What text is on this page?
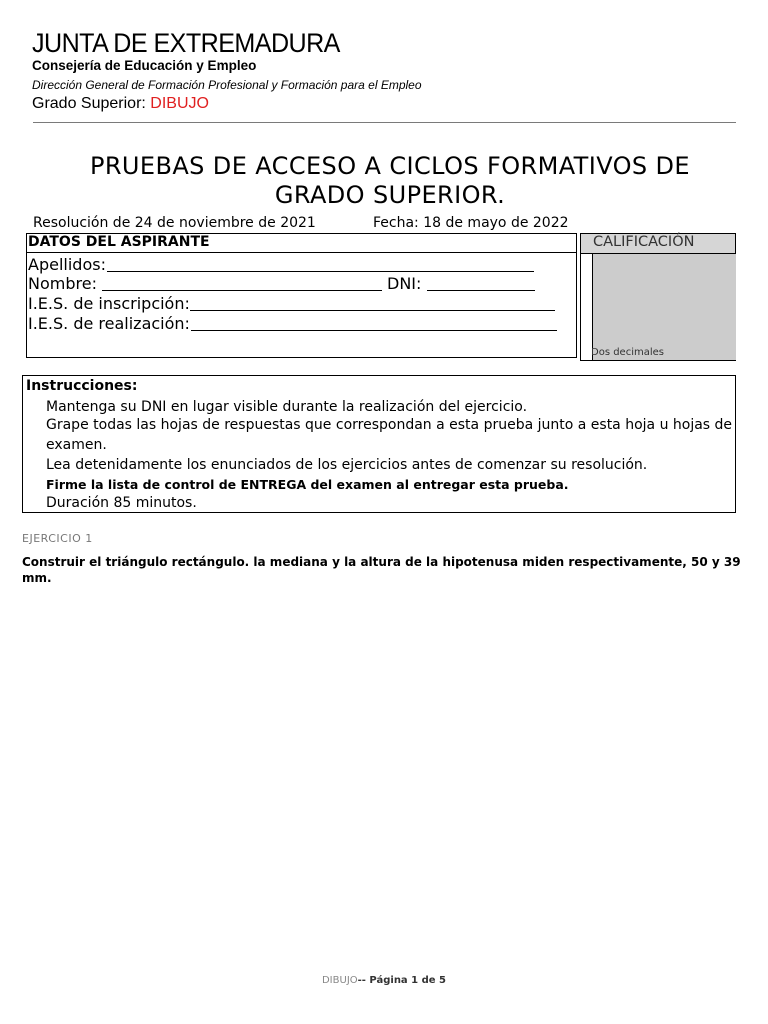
JUNTA DE EXTREMADURA
Consejería de Educación y Empleo
Dirección General de Formación Profesional y Formación para el Empleo
Grado Superior: DIBUJO
PRUEBAS DE ACCESO A CICLOS FORMATIVOS DE
GRADO SUPERIOR.
Resolución de 24 de noviembre de 2021	Fecha: 18 de mayo de 2022
DATOS DEL ASPIRANTE
Apellidos:
Nombre:	DNI:
I.E.S. de inscripción:
I.E.S. de realización:
CALIFICACIÓN
Dos decimales
Instrucciones:
Mantenga su DNI en lugar visible durante la realización del ejercicio.
Grape todas las hojas de respuestas que correspondan a esta prueba junto a esta hoja u hojas de
examen.
Lea detenidamente los enunciados de los ejercicios antes de comenzar su resolución.
Firme la lista de control de ENTREGA del examen al entregar esta prueba.
Duración 85 minutos.
EJERCICIO 1
Construir el triángulo rectángulo. la mediana y la altura de la hipotenusa miden respectivamente, 50 y 39 mm.
DIBUJO-- Página 1 de 5
